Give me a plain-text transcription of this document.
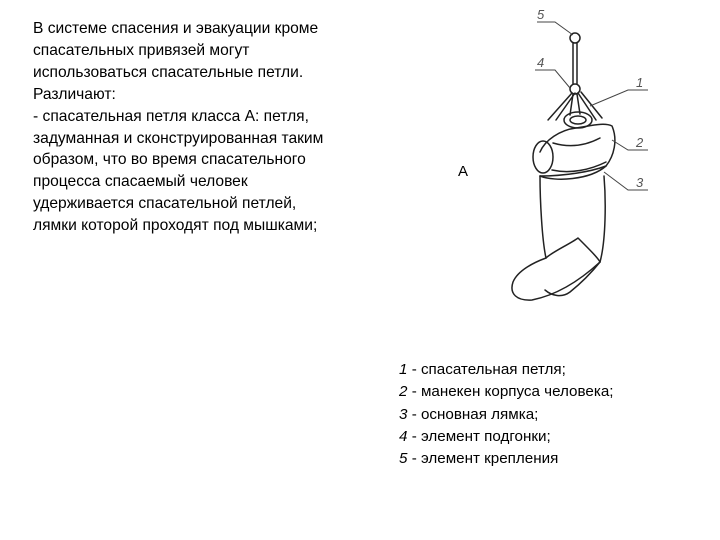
В системе спасения и эвакуации кроме
спасательных привязей могут
использоваться спасательные петли.
Различают:
- спасательная петля класса А: петля,
задуманная и сконструированная таким
образом, что во время спасательного
процесса спасаемый человек
удерживается спасательной петлей,
лямки которой проходят под мышками;
5
4
1
2
3
А
1 - спасательная петля;
2 - манекен корпуса человека;
3 - основная лямка;
4 - элемент подгонки;
5 - элемент крепления
